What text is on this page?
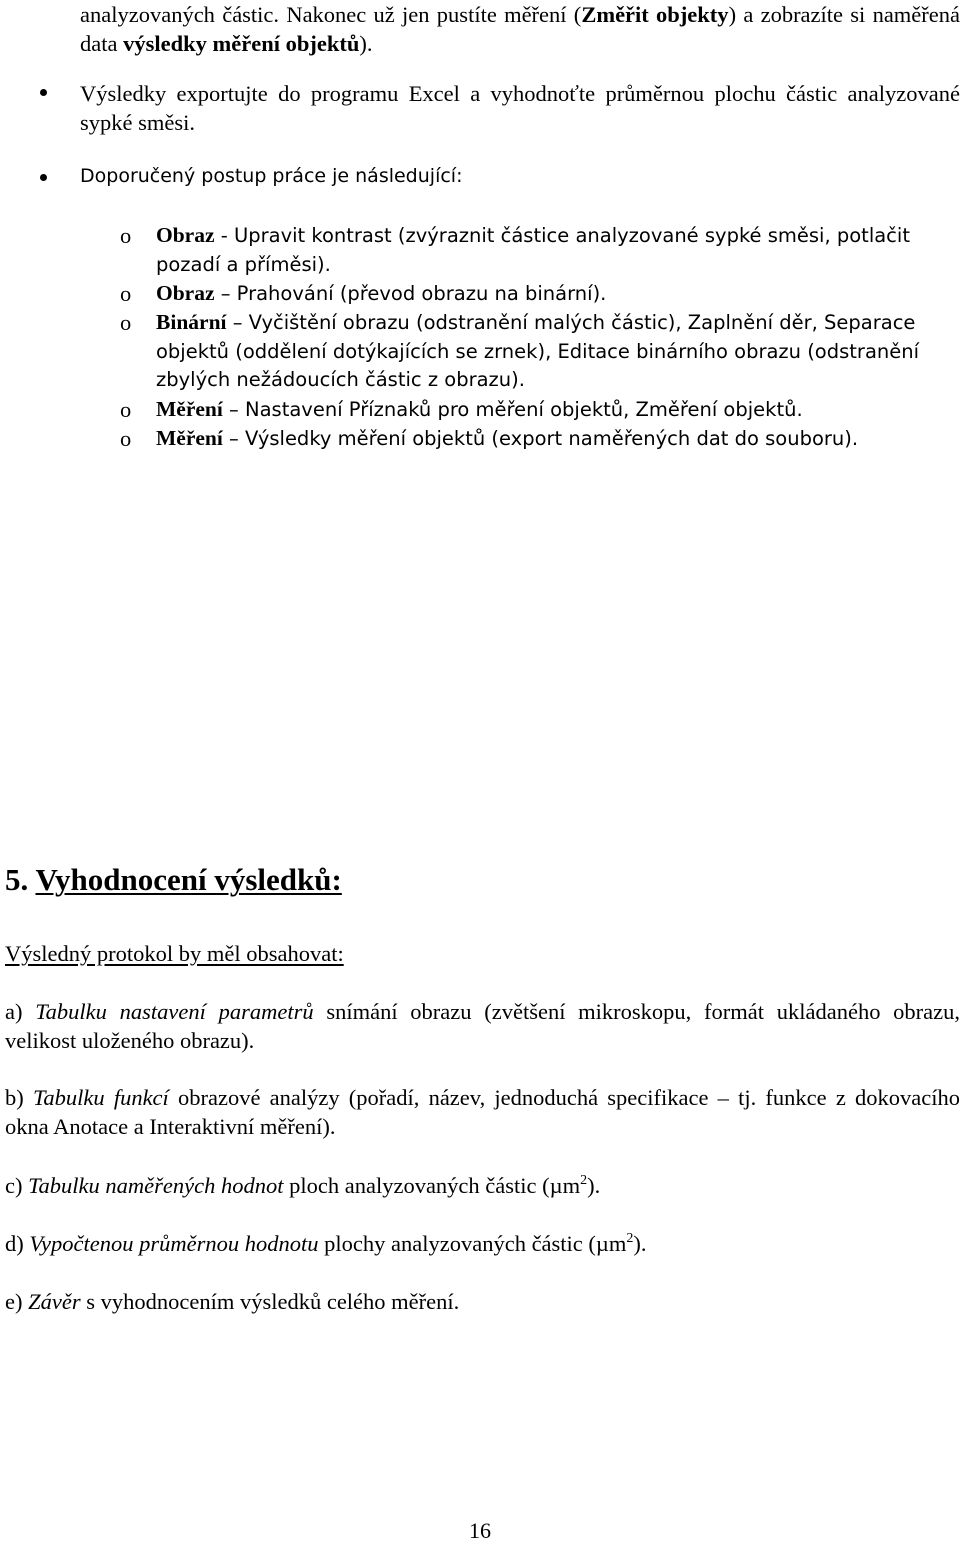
analyzovaných částic. Nakonec už jen pustíte měření (Změřit objekty) a zobrazíte si naměřená data výsledky měření objektů).
Výsledky exportujte do programu Excel a vyhodnoťte průměrnou plochu částic analyzované sypké směsi.
Doporučený postup práce je následující:
o Obraz - Upravit kontrast (zvýraznit částice analyzované sypké směsi, potlačit pozadí a příměsi).
o Obraz – Prahování (převod obrazu na binární).
o Binární – Vyčištění obrazu (odstranění malých částic), Zaplnění děr, Separace objektů (oddělení dotýkajících se zrnek), Editace binárního obrazu (odstranění zbylých nežádoucích částic z obrazu).
o Měření – Nastavení Příznaků pro měření objektů, Změření objektů.
o Měření – Výsledky měření objektů (export naměřených dat do souboru).
5. Vyhodnocení výsledků:
Výsledný protokol by měl obsahovat:
a) Tabulku nastavení parametrů snímání obrazu (zvětšení mikroskopu, formát ukládaného obrazu, velikost uloženého obrazu).
b) Tabulku funkcí obrazové analýzy (pořadí, název, jednoduchá specifikace – tj. funkce z dokovacího okna Anotace a Interaktivní měření).
c) Tabulku naměřených hodnot ploch analyzovaných částic (µm$^2$).
d) Vypočtenou průměrnou hodnotu plochy analyzovaných částic (µm$^2$).
e) Závěr s vyhodnocením výsledků celého měření.
16
